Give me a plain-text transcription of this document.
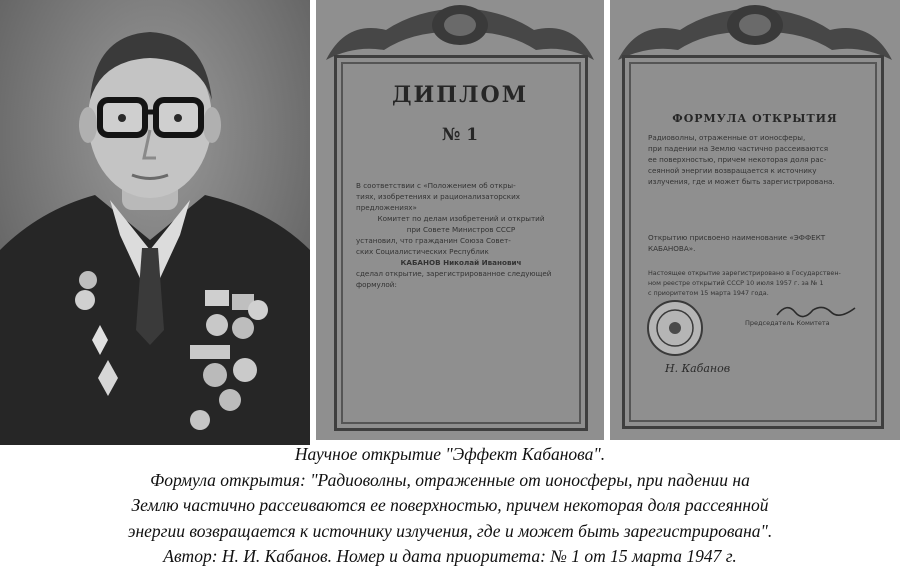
ДИПЛОМ
№ 1
В соответствии с «Положением об откры-
тиях, изобретениях и рационализаторских
предложениях»
Комитет по делам изобретений и открытий
при Совете Министров СССР
установил, что гражданин Союза Совет-
ских Социалистических Республик
КАБАНОВ Николай Иванович
сделал открытие, зарегистрированное следующей
формулой:
ФОРМУЛА ОТКРЫТИЯ
Радиоволны, отраженные от ионосферы,
при падении на Землю частично рассеиваются
ее поверхностью, причем некоторая доля рас-
сеянной энергии возвращается к источнику
излучения, где и может быть зарегистрирована.
Открытию присвоено наименование «ЭФФЕКТ
КАБАНОВА».
Настоящее открытие зарегистрировано в Государствен-
ном реестре открытий СССР 10 июля 1957 г. за № 1
с приоритетом 15 марта 1947 года.
Председатель Комитета
Н. Кабанов
Научное открытие "Эффект Кабанова".
Формула открытия: "Радиоволны, отраженные от ионосферы, при падении на
Землю частично рассеиваются ее поверхностью, причем некоторая доля рассеянной
энергии возвращается к источнику излучения, где и может быть зарегистрирована".
Автор: Н. И. Кабанов. Номер и дата приоритета: № 1 от 15 марта 1947 г.
